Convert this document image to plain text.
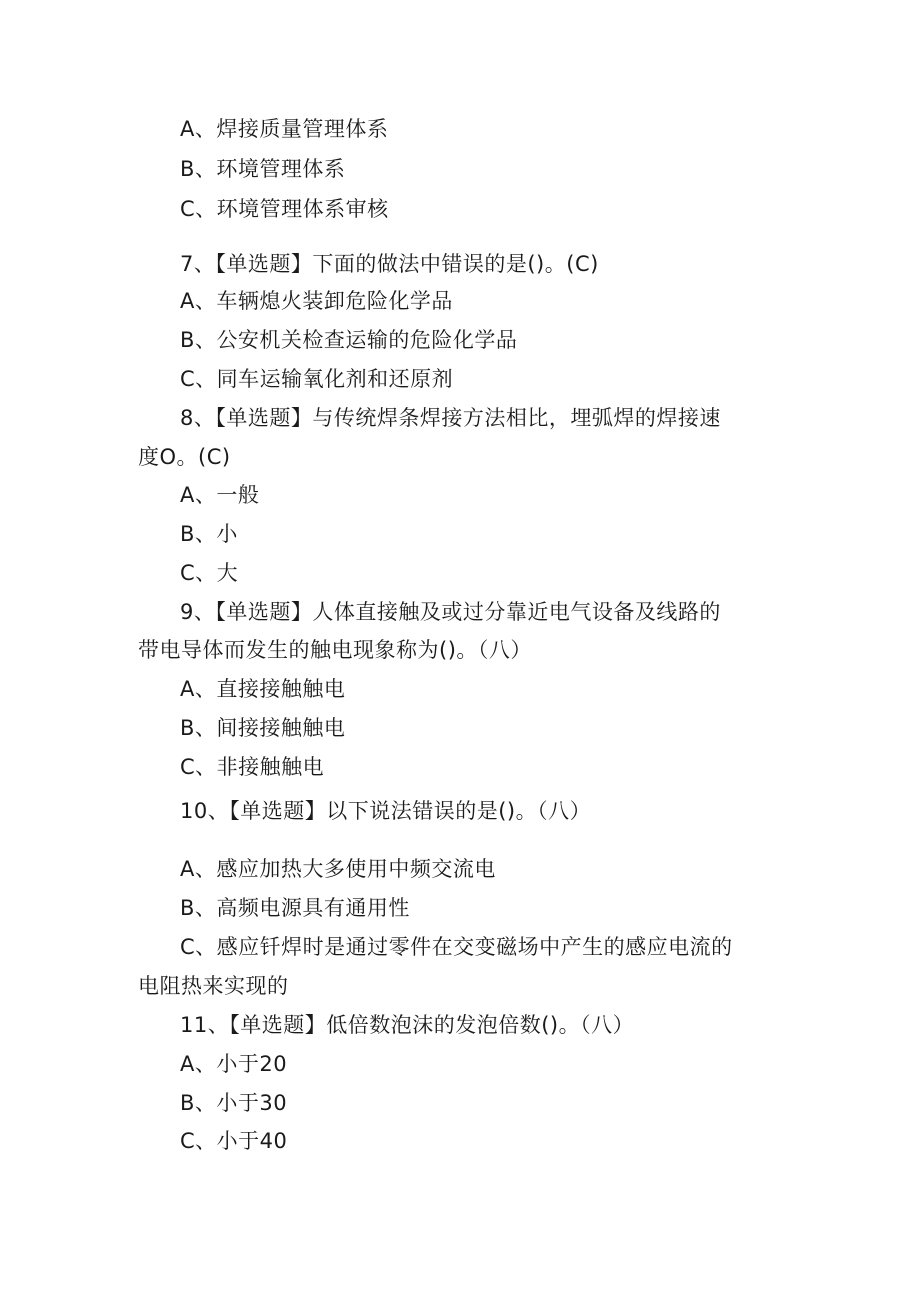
A、焊接质量管理体系
B、环境管理体系
C、环境管理体系审核
7、【单选题】下面的做法中错误的是()。(C)
A、车辆熄火装卸危险化学品
B、公安机关检查运输的危险化学品
C、同车运输氧化剂和还原剂
8、【单选题】与传统焊条焊接方法相比，埋弧焊的焊接速
度O。(C)
A、一般
B、小
C、大
9、【单选题】人体直接触及或过分靠近电气设备及线路的
带电导体而发生的触电现象称为()。（八）
A、直接接触触电
B、间接接触触电
C、非接触触电
10、【单选题】以下说法错误的是()。（八）
A、感应加热大多使用中频交流电
B、高频电源具有通用性
C、感应钎焊时是通过零件在交变磁场中产生的感应电流的
电阻热来实现的
11、【单选题】低倍数泡沫的发泡倍数()。（八）
A、小于20
B、小于30
C、小于40
